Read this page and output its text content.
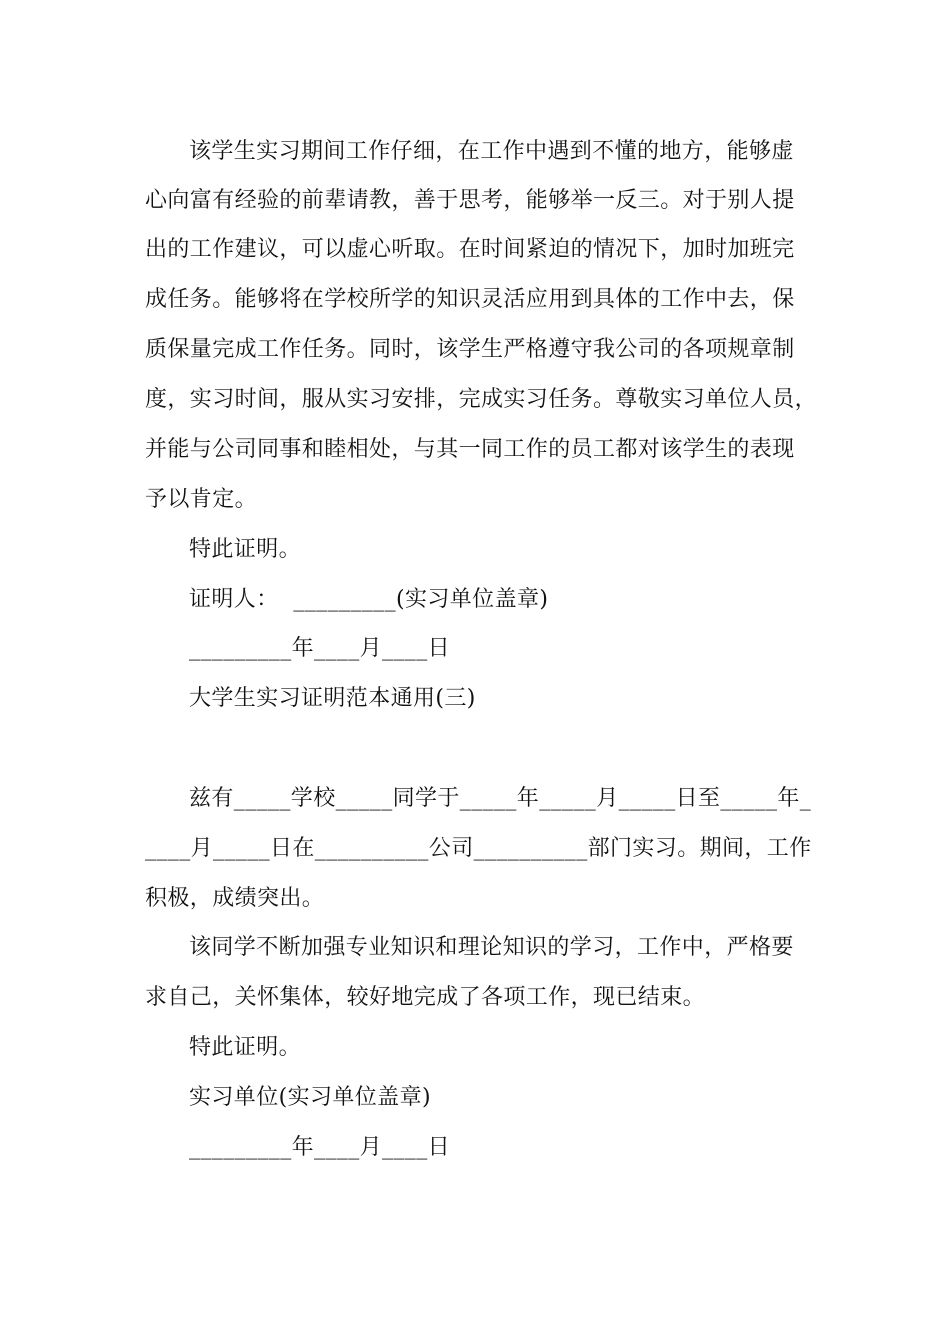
该学生实习期间工作仔细，在工作中遇到不懂的地方，能够虚
心向富有经验的前辈请教，善于思考，能够举一反三。对于别人提
出的工作建议，可以虚心听取。在时间紧迫的情况下，加时加班完
成任务。能够将在学校所学的知识灵活应用到具体的工作中去，保
质保量完成工作任务。同时，该学生严格遵守我公司的各项规章制
度，实习时间，服从实习安排，完成实习任务。尊敬实习单位人员，
并能与公司同事和睦相处，与其一同工作的员工都对该学生的表现
予以肯定。
特此证明。
证明人：  _________(实习单位盖章)
_________年____月____日
大学生实习证明范本通用(三)
兹有_____学校_____同学于_____年_____月_____日至_____年_
____月_____日在__________公司__________部门实习。期间，工作
积极，成绩突出。
该同学不断加强专业知识和理论知识的学习，工作中，严格要
求自己，关怀集体，较好地完成了各项工作，现已结束。
特此证明。
实习单位(实习单位盖章)
_________年____月____日
